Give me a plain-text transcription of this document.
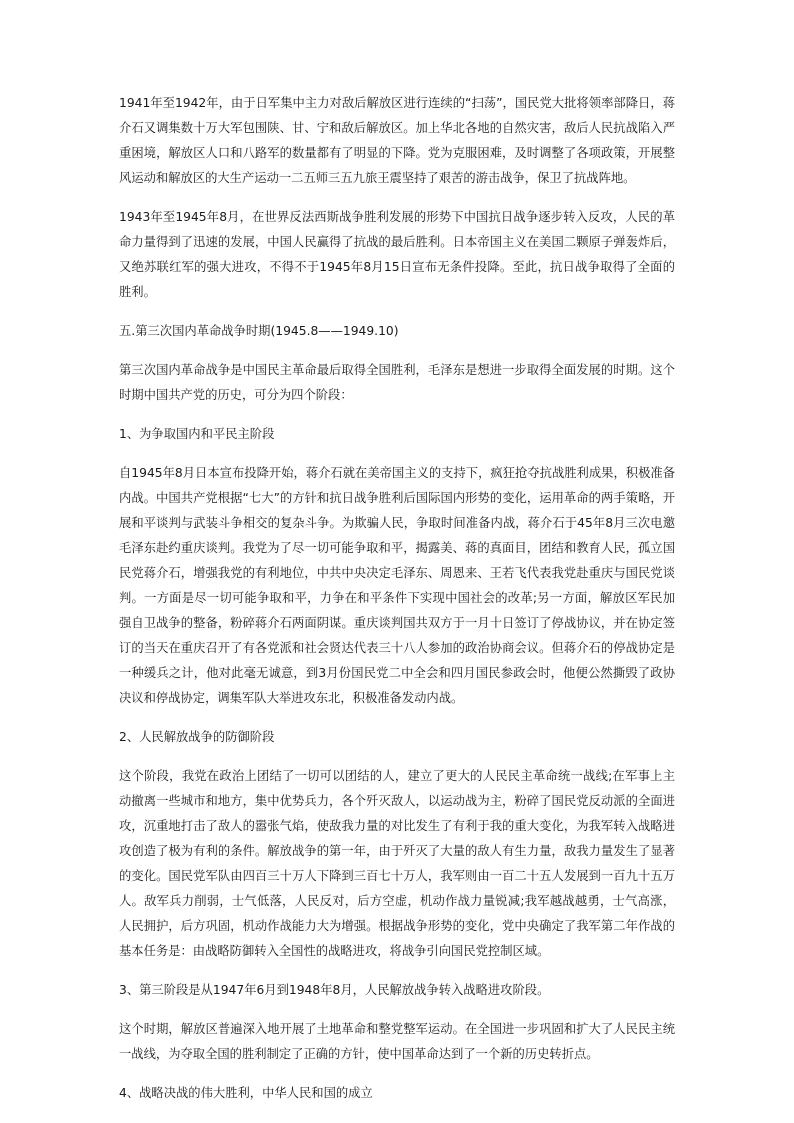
1941年至1942年，由于日军集中主力对敌后解放区进行连续的“扫荡”，国民党大批将领率部降日，蒋介石又调集数十万大军包围陕、甘、宁和敌后解放区。加上华北各地的自然灾害，敌后人民抗战陷入严重困境，解放区人口和八路军的数量都有了明显的下降。党为克服困难，及时调整了各项政策，开展整风运动和解放区的大生产运动一二五师三五九旅王震坚持了艰苦的游击战争，保卫了抗战阵地。

1943年至1945年8月，在世界反法西斯战争胜利发展的形势下中国抗日战争逐步转入反攻，人民的革命力量得到了迅速的发展，中国人民赢得了抗战的最后胜利。日本帝国主义在美国二颗原子弹轰炸后，又绝苏联红军的强大进攻，不得不于1945年8月15日宣布无条件投降。至此，抗日战争取得了全面的胜利。

五.第三次国内革命战争时期(1945.8——1949.10)

第三次国内革命战争是中国民主革命最后取得全国胜利，毛泽东是想进一步取得全面发展的时期。这个时期中国共产党的历史，可分为四个阶段：

1、为争取国内和平民主阶段

自1945年8月日本宣布投降开始，蒋介石就在美帝国主义的支持下，疯狂抢夺抗战胜利成果，积极准备内战。中国共产党根据“七大”的方针和抗日战争胜利后国际国内形势的变化，运用革命的两手策略，开展和平谈判与武装斗争相交的复杂斗争。为欺骗人民，争取时间准备内战，蒋介石于45年8月三次电邀毛泽东赴约重庆谈判。我党为了尽一切可能争取和平，揭露美、蒋的真面目，团结和教育人民，孤立国民党蒋介石，增强我党的有利地位，中共中央决定毛泽东、周恩来、王若飞代表我党赴重庆与国民党谈判。一方面是尽一切可能争取和平，力争在和平条件下实现中国社会的改革;另一方面，解放区军民加强自卫战争的整备，粉碎蒋介石两面阴谋。重庆谈判国共双方于一月十日签订了停战协议，并在协定签订的当天在重庆召开了有各党派和社会贤达代表三十八人参加的政治协商会议。但蒋介石的停战协定是一种缓兵之计，他对此毫无诚意，到3月份国民党二中全会和四月国民参政会时，他便公然撕毁了政协决议和停战协定，调集军队大举进攻东北，积极准备发动内战。

2、人民解放战争的防御阶段

这个阶段，我党在政治上团结了一切可以团结的人，建立了更大的人民民主革命统一战线;在军事上主动撤离一些城市和地方，集中优势兵力，各个歼灭敌人，以运动战为主，粉碎了国民党反动派的全面进攻，沉重地打击了敌人的嚣张气焰，使敌我力量的对比发生了有利于我的重大变化，为我军转入战略进攻创造了极为有利的条件。解放战争的第一年，由于歼灭了大量的敌人有生力量，敌我力量发生了显著的变化。国民党军队由四百三十万人下降到三百七十万人，我军则由一百二十五人发展到一百九十五万人。敌军兵力削弱，士气低落，人民反对，后方空虚，机动作战力量锐减;我军越战越勇，士气高涨，人民拥护，后方巩固，机动作战能力大为增强。根据战争形势的变化，党中央确定了我军第二年作战的基本任务是：由战略防御转入全国性的战略进攻，将战争引向国民党控制区域。

3、第三阶段是从1947年6月到1948年8月，人民解放战争转入战略进攻阶段。

这个时期，解放区普遍深入地开展了土地革命和整党整军运动。在全国进一步巩固和扩大了人民民主统一战线，为夺取全国的胜利制定了正确的方针，使中国革命达到了一个新的历史转折点。

4、战略决战的伟大胜利，中华人民和国的成立
